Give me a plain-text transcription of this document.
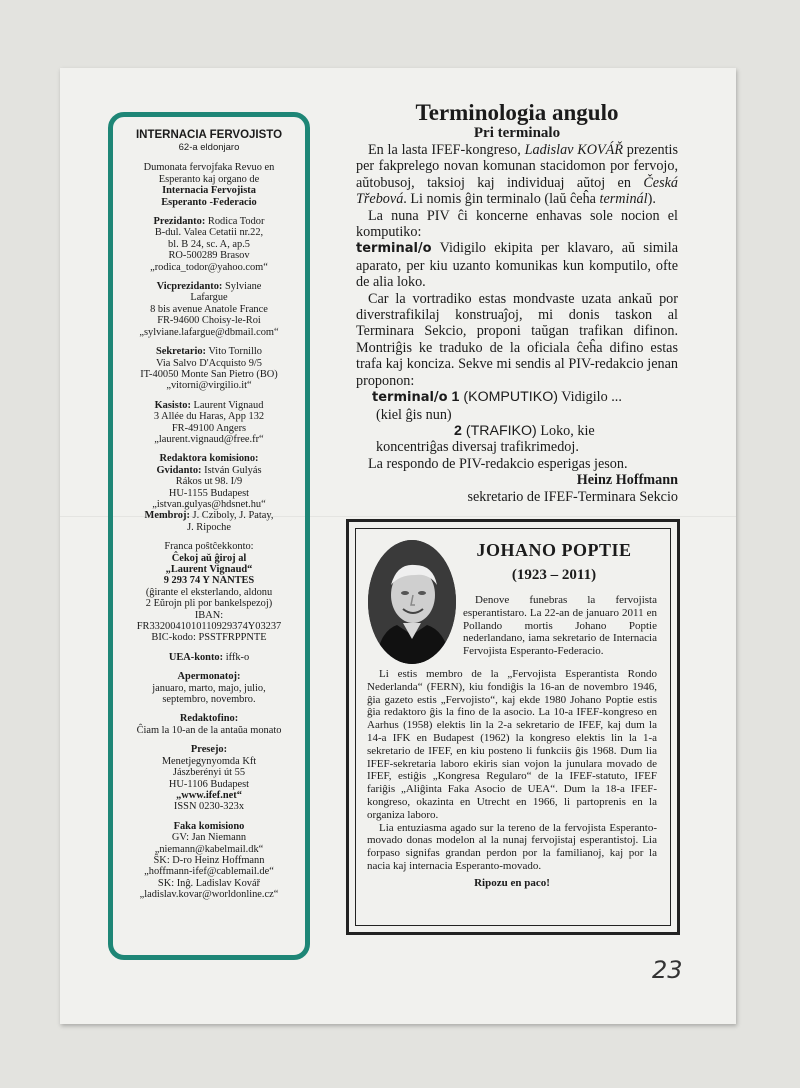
INTERNACIA FERVOJISTO
62-a eldonjaro
Dumonata fervojfaka Revuo en
Esperanto kaj organo de
Internacia Fervojista
Esperanto -Federacio
Prezidanto: Rodica Todor
B-dul. Valea Cetatii nr.22,
bl. B 24, sc. A, ap.5
RO-500289 Brasov
„rodica_todor@yahoo.com“
Vicprezidanto: Sylviane
Lafargue
8 bis avenue Anatole France
FR-94600 Choisy-le-Roi
„sylviane.lafargue@dbmail.com“
Sekretario: Vito Tornillo
Via Salvo D'Acquisto 9/5
IT-40050 Monte San Pietro (BO)
„vitorni@virgilio.it“
Kasisto: Laurent Vignaud
3 Allée du Haras, App 132
FR-49100 Angers
„laurent.vignaud@free.fr“
Redaktora komisiono:
Gvidanto: István Gulyás
Rákos ut 98. I/9
HU-1155 Budapest
„istvan.gulyas@hdsnet.hu“
Membroj: J. Cziboly, J. Patay,
J. Ripoche
Franca poŝtĉekkonto:
Ĉekoj aŭ ĝiroj al
„Laurent Vignaud“
9 293 74 Y NANTES
(ĝirante el eksterlando, aldonu
2 Eŭrojn pli por bankelspezoj)
IBAN:
FR3320041010110929374Y03237
BIC-kodo: PSSTFRPPNTE
UEA-konto: iffk-o
Apermonatoj:
januaro, marto, majo, julio,
septembro, novembro.
Redaktofino:
Ĉiam la 10-an de la antaŭa monato
Presejo:
Menetjegynyomda Kft
Jászberényi út 55
HU-1106 Budapest
„www.ifef.net“
ISSN 0230-323x
Faka komisiono
GV: Jan Niemann
„niemann@kabelmail.dk“
ŜK: D-ro Heinz Hoffmann
„hoffmann-ifef@cablemail.de“
SK: Inĝ. Ladislav Kovář
„ladislav.kovar@worldonline.cz“
Terminologia angulo
Pri terminalo

En la lasta IFEF-kongreso, Ladislav KOVÁŘ prezentis per fakprelego novan komunan stacidomon por fervojo, aŭtobusoj, taksioj kaj individuaj aŭtoj en Česká Třebová. Li nomis ĝin terminalo (laŭ ĉeĥa terminál).

La nuna PIV ĉi koncerne enhavas sole nocion el komputiko:

terminal/o Vidigilo ekipita per klavaro, aŭ simila aparato, per kiu uzanto komunikas kun komputilo, ofte de alia loko.

Car la vortradiko estas mondvaste uzata ankaŭ por diverstrafikilaj konstruaĵoj, mi donis taskon al Terminara Sekcio, proponi taŭgan trafikan difinon. Montriĝis ke traduko de la oficiala ĉeĥa difino estas trafa kaj konciza. Sekve mi sendis al PIV-redakcio jenan proponon:

terminal/o 1 (KOMPUTIKO) Vidigilo ...

(kiel ĝis nun)

2 (TRAFIKO) Loko, kie

koncentriĝas diversaj trafikrimedoj.

La respondo de PIV-redakcio esperigas jeson.

Heinz Hoffmann

sekretario de IFEF-Terminara Sekcio

JOHANO POPTIE
(1923 – 2011)

Denove funebras la fervojista esperantistaro. La 22-an de januaro 2011 en Pollando mortis Johano Poptie nederlandano, iama sekretario de Internacia Fervojista Esperanto-Federacio.

Li estis membro de la „Fervojista Esperantista Rondo Nederlanda“ (FERN), kiu fondiĝis la 16-an de novembro 1946, ĝia gazeto estis „Fervojisto“, kaj ekde 1980 Johano Poptie estis ĝia redaktoro ĝis la fino de la asocio. La 10-a IFEF-kongreso en Aarhus (1958) elektis lin la 2-a sekretario de IFEF, kaj dum la 14-a IFK en Budapest (1962) la kongreso elektis lin la 1-a sekretario de IFEF, en kiu posteno li funkciis ĝis 1968. Dum lia IFEF-sekretaria laboro ekiris sian vojon la junulara movado de IFEF, estiĝis „Kongresa Regularo“ de la IFEF-statuto, IFEF fariĝis „Aliĝinta Faka Asocio de UEA“. Dum la 18-a IFEF-kongreso, okazinta en Utrecht en 1966, li partoprenis en la organiza laboro.

Lia entuziasma agado sur la tereno de la fervojista Esperanto-movado donas modelon al la nunaj fervojistaj esperantistoj. Lia forpaso signifas grandan perdon por la familianoj, kaj por la nacia kaj internacia Esperanto-movado.

Ripozu en paco!

23
